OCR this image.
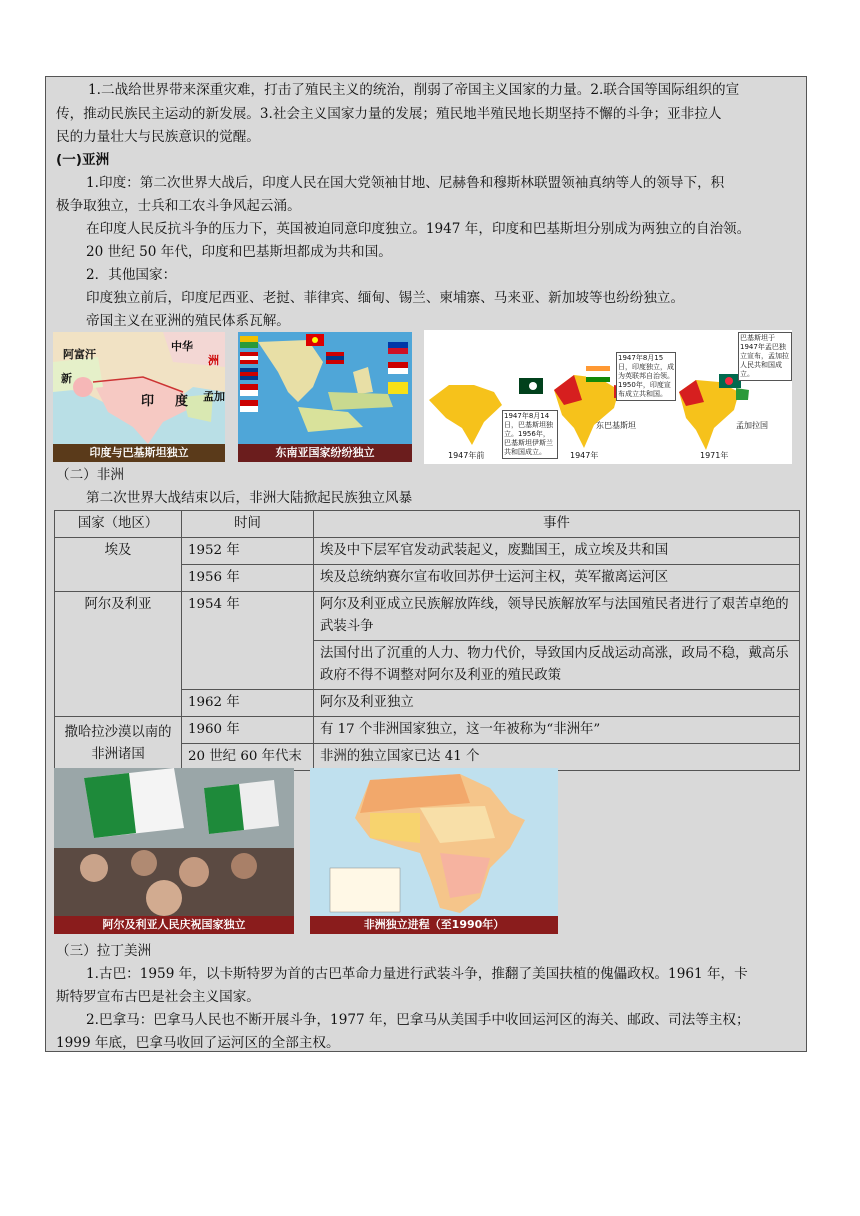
1.二战给世界带来深重灾难，打击了殖民主义的统治，削弱了帝国主义国家的力量。2.联合国等国际组织的宣
传，推动民族民主运动的新发展。3.社会主义国家力量的发展；殖民地半殖民地长期坚持不懈的斗争；亚非拉人
民的力量壮大与民族意识的觉醒。
(一)亚洲
1.印度：第二次世界大战后，印度人民在国大党领袖甘地、尼赫鲁和穆斯林联盟领袖真纳等人的领导下，积
极争取独立，士兵和工农斗争风起云涌。
在印度人民反抗斗争的压力下，英国被迫同意印度独立。1947 年，印度和巴基斯坦分别成为两独立的自治领。
20 世纪 50 年代，印度和巴基斯坦都成为共和国。
2．其他国家：
印度独立前后，印度尼西亚、老挝、菲律宾、缅甸、锡兰、柬埔寨、马来亚、新加坡等也纷纷独立。
帝国主义在亚洲的殖民体系瓦解。
中华
阿富汗
新
印 度 孟加
洲
印度与巴基斯坦独立	东南亚国家纷纷独立
1947年8月14日，巴基斯坦独立。1956年，巴基斯坦伊斯兰共和国成立。
1947年8月15日，印度独立，成为英联邦自治领。1950年，印度宣布成立共和国。
巴基斯坦于1947年孟巴独立宣布，孟加拉人民共和国成立。
东巴基斯坦	孟加拉国
1947年前	1947年	1971年
（二）非洲
第二次世界大战结束以后，非洲大陆掀起民族独立风暴
国家（地区）	时间	事件
埃及	1952 年	埃及中下层军官发动武装起义，废黜国王，成立埃及共和国
	1956 年	埃及总统纳赛尔宣布收回苏伊士运河主权，英军撤离运河区
阿尔及利亚	1954 年	阿尔及利亚成立民族解放阵线，领导民族解放军与法国殖民者进行了艰苦卓绝的武装斗争
		法国付出了沉重的人力、物力代价，导致国内反战运动高涨，政局不稳，戴高乐政府不得不调整对阿尔及利亚的殖民政策
	1962 年	阿尔及利亚独立
撒哈拉沙漠以南的非洲诸国	1960 年	有 17 个非洲国家独立，这一年被称为“非洲年”
	20 世纪 60 年代末	非洲的独立国家已达 41 个
阿尔及利亚人民庆祝国家独立	非洲独立进程（至1990年）
（三）拉丁美洲
1.古巴：1959 年，以卡斯特罗为首的古巴革命力量进行武装斗争，推翻了美国扶植的傀儡政权。1961 年，卡
斯特罗宣布古巴是社会主义国家。
2.巴拿马：巴拿马人民也不断开展斗争，1977 年，巴拿马从美国手中收回运河区的海关、邮政、司法等主权；
1999 年底，巴拿马收回了运河区的全部主权。
